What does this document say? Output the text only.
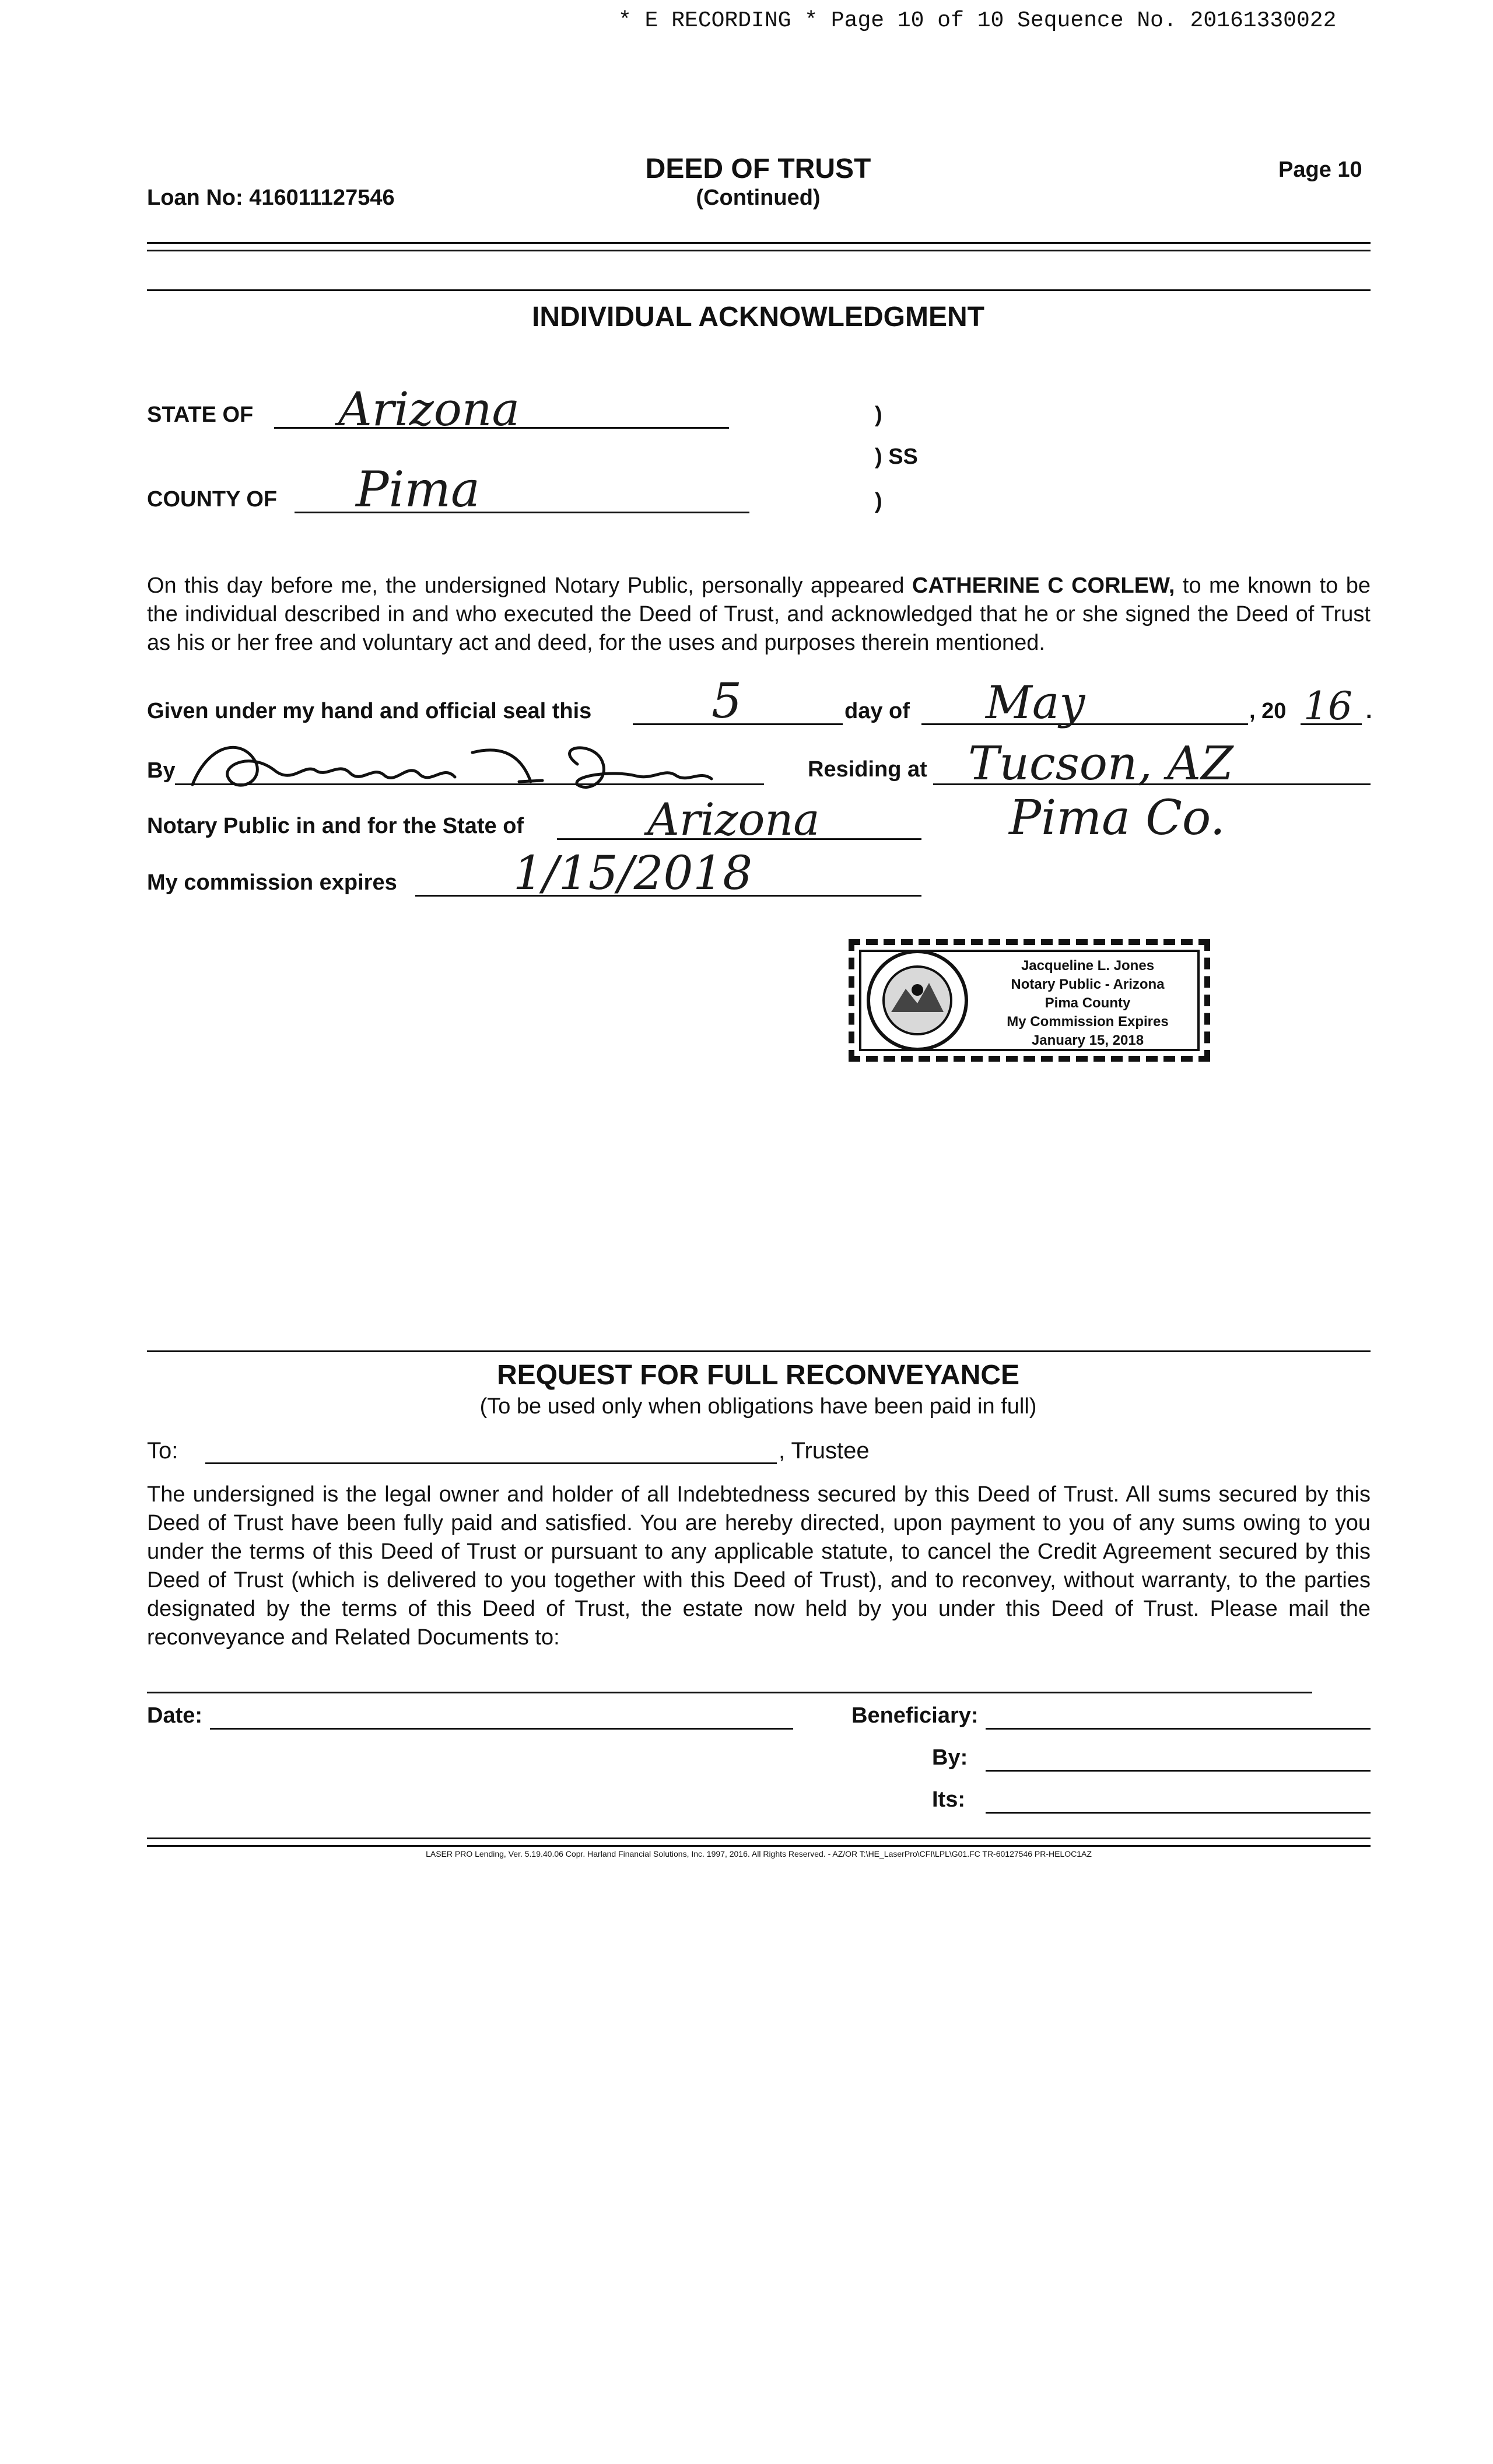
* E RECORDING * Page 10 of 10 Sequence No. 20161330022
Loan No: 416011127546
DEED OF TRUST
(Continued)
Page 10
INDIVIDUAL ACKNOWLEDGMENT
STATE OF Arizona	)
) SS
)
COUNTY OF Pima
On this day before me, the undersigned Notary Public, personally appeared CATHERINE C CORLEW, to me known to be the individual described in and who executed the Deed of Trust, and acknowledged that he or she signed the Deed of Trust as his or her free and voluntary act and deed, for the uses and purposes therein mentioned.
Given under my hand and official seal this	5	day of May	, 20 16 .
By	Residing at Tucson, AZ
Notary Public in and for the State of	Arizona	Pima Co.
My commission expires 1/15/2018
Jacqueline L. Jones
Notary Public - Arizona
Pima County
My Commission Expires
January 15, 2018
REQUEST FOR FULL RECONVEYANCE
(To be used only when obligations have been paid in full)
To:	, Trustee
The undersigned is the legal owner and holder of all Indebtedness secured by this Deed of Trust. All sums secured by this Deed of Trust have been fully paid and satisfied. You are hereby directed, upon payment to you of any sums owing to you under the terms of this Deed of Trust or pursuant to any applicable statute, to cancel the Credit Agreement secured by this Deed of Trust (which is delivered to you together with this Deed of Trust), and to reconvey, without warranty, to the parties designated by the terms of this Deed of Trust, the estate now held by you under this Deed of Trust. Please mail the reconveyance and Related Documents to:
Date:	Beneficiary:
By:
Its:
LASER PRO Lending, Ver. 5.19.40.06 Copr. Harland Financial Solutions, Inc. 1997, 2016. All Rights Reserved. - AZ/OR T:\HE_LaserPro\CFI\LPL\G01.FC TR-60127546 PR-HELOC1AZ
